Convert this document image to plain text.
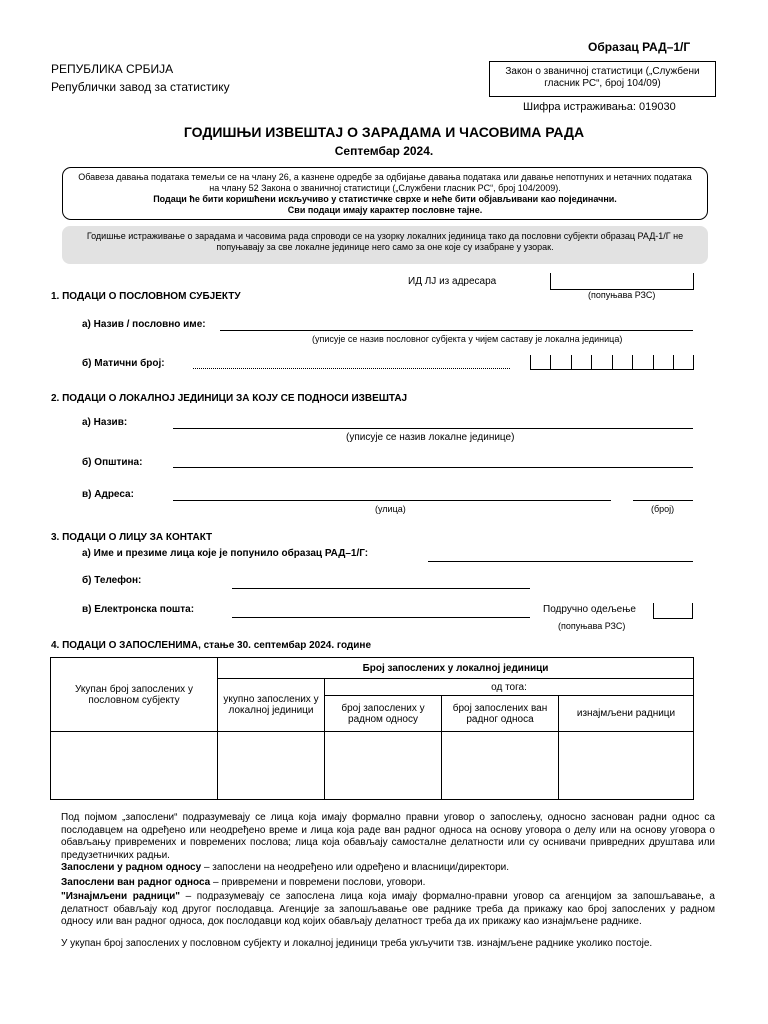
Образац РАД–1/Г
РЕПУБЛИКА СРБИЈА
Републички завод за статистику
Закон о званичној статистици („Службени гласник РС“, број 104/09)
Шифра истраживања: 019030
ГОДИШЊИ ИЗВЕШТАЈ О ЗАРАДАМА И ЧАСОВИМА РАДА
Септембар 2024.
Обавеза давања података темељи се на члану 26, а казнене одредбе за одбијање давања података или давање непотпуних и нетачних података на члану 52 Закона о званичној статистици („Службени гласник РС“, број 104/2009).
Подаци ће бити коришћени искључиво у статистичке сврхе и неће бити објављивани као појединачни.
Сви подаци имају карактер пословне тајне.
Годишње истраживање о зарадама и часовима рада спроводи се на узорку локалних јединица тако да пословни субјекти образац РАД-1/Г не попуњавају за све локалне јединице него само за оне које су изабране у узорак.
ИД ЛЈ из адресара
(попуњава РЗС)
1. ПОДАЦИ О ПОСЛОВНОМ СУБЈЕКТУ
а) Назив / пословно име:
(уписује се назив пословног субјекта у чијем саставу је локална јединица)
б) Матични број:
2. ПОДАЦИ О ЛОКАЛНОЈ ЈЕДИНИЦИ ЗА КОЈУ СЕ ПОДНОСИ ИЗВЕШТАЈ
а) Назив:
(уписује се назив локалне јединице)
б) Општина:
в) Адреса:
(улица)	(број)
3. ПОДАЦИ О ЛИЦУ ЗА КОНТАКТ
а) Име и презиме лица које је попунило образац РАД–1/Г:
б) Телефон:
в) Електронска пошта:	Подручно одељење
(попуњава РЗС)
4. ПОДАЦИ О ЗАПОСЛЕНИМА, стање 30. септембар 2024. године
Укупан број запослених у пословном субјекту	Број запослених у локалној јединици			
	укупно запослених у локалној јединици	од тога:		
		број запослених у радном односу	број запослених ван радног односа	изнајмљени радници

Под појмом „запослени“ подразумевају се лица која имају формално правни уговор о запослењу, односно заснован радни однос са послодавцем на одређено или неодређено време и лица која раде ван радног односа на основу уговора о делу или на основу уговора о обављању привремених и повремених послова; лица која обављају самосталне делатности или су оснивачи привредних друштава или предузетничких радњи.
Запослени у радном односу – запослени на неодређено или одређено и власници/директори.
Запослени ван радног односа – привремени и повремени послови, уговори.
"Изнајмљени радници" – подразумевају се запослена лица која имају формално-правни уговор са агенцијом за запошљавање, а делатност обављају код другог послодавца. Агенције за запошљавање ове раднике треба да прикажу као број запослених у радном односу или ван радног односа, док послодавци код којих обављају делатност треба да их прикажу као изнајмљене раднике.
У укупан број запослених у пословном субјекту и локалној јединици треба укључити тзв. изнајмљене раднике уколико постоје.
